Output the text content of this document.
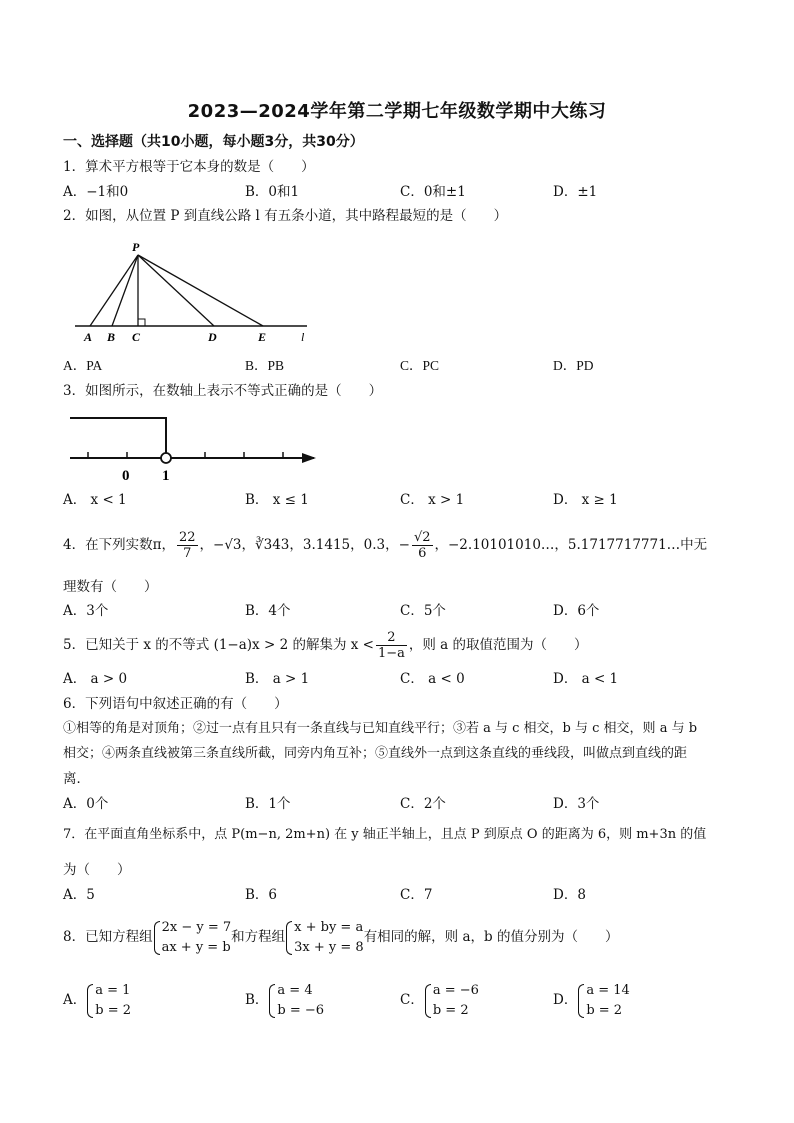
2023—2024学年第二学期七年级数学期中大练习
一、选择题（共10小题，每小题3分，共30分）
1．算术平方根等于它本身的数是（　　）
A．−1和0	B．0和1	C．0和±1	D．±1
2．如图，从位置 P 到直线公路 l 有五条小道，其中路程最短的是（　　）
P
A B C	D	E	l
A．PA	B．PB	C．PC	D．PD
3．如图所示，在数轴上表示不等式正确的是（　　）
0 1
A． x < 1	B． x ≤ 1	C． x > 1	D． x ≥ 1
4．在下列实数π， $\frac{22}{7}$ ，−√3，∛343，3.1415，0.3，− $\frac{√2}{6}$ ，−2.10101010…，5.1717717771…中无
理数有（　　）
A．3个	B．4个	C．5个	D．6个
5．已知关于 x 的不等式 (1−a)x > 2 的解集为 $x < \frac{2}{1-a}$ ，则 a 的取值范围为（　　）
A． a > 0	B． a > 1	C． a < 0	D． a < 1
6．下列语句中叙述正确的有（　　）
①相等的角是对顶角；②过一点有且只有一条直线与已知直线平行；③若 a 与 c 相交，b 与 c 相交，则 a 与 b
相交；④两条直线被第三条直线所截，同旁内角互补；⑤直线外一点到这条直线的垂线段，叫做点到直线的距
离．
A．0个	B．1个	C．2个	D．3个
7．在平面直角坐标系中，点 P(m−n, 2m+n) 在 y 轴正半轴上，且点 P 到原点 O 的距离为 6，则 m+3n 的值
为（　　）
A．5	B．6	C．7	D．8
8．已知方程组
2x − y = 7
ax + y = b
和方程组
x + by = a
3x + y = 8
有相同的解，则 a，b 的值分别为（　　）
A．
a = 1
b = 2
B．
a = 4
b = −6
C．
a = −6
b = 2
D．
a = 14
b = 2
